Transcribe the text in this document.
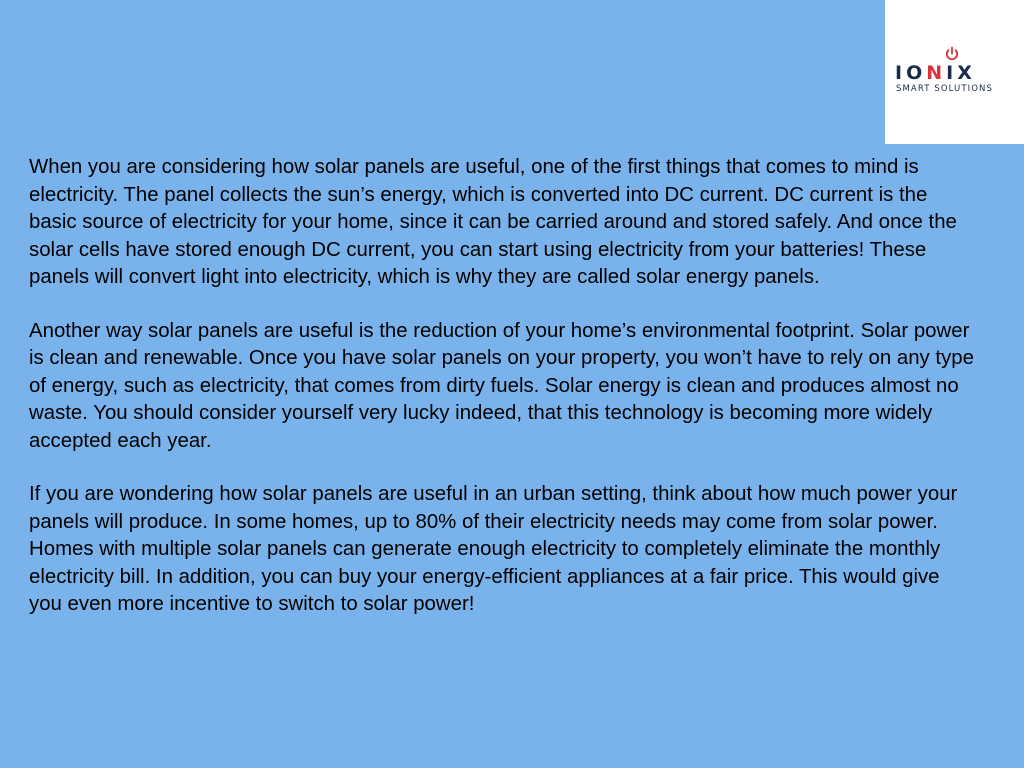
IONIX
SMART SOLUTIONS

When you are considering how solar panels are useful, one of the first things that comes to mind is electricity. The panel collects the sun’s energy, which is converted into DC current. DC current is the basic source of electricity for your home, since it can be carried around and stored safely. And once the solar cells have stored enough DC current, you can start using electricity from your batteries! These panels will convert light into electricity, which is why they are called solar energy panels.

Another way solar panels are useful is the reduction of your home’s environmental footprint. Solar power is clean and renewable. Once you have solar panels on your property, you won’t have to rely on any type of energy, such as electricity, that comes from dirty fuels. Solar energy is clean and produces almost no waste. You should consider yourself very lucky indeed, that this technology is becoming more widely accepted each year.

If you are wondering how solar panels are useful in an urban setting, think about how much power your panels will produce. In some homes, up to 80% of their electricity needs may come from solar power. Homes with multiple solar panels can generate enough electricity to completely eliminate the monthly electricity bill. In addition, you can buy your energy-efficient appliances at a fair price. This would give you even more incentive to switch to solar power!
